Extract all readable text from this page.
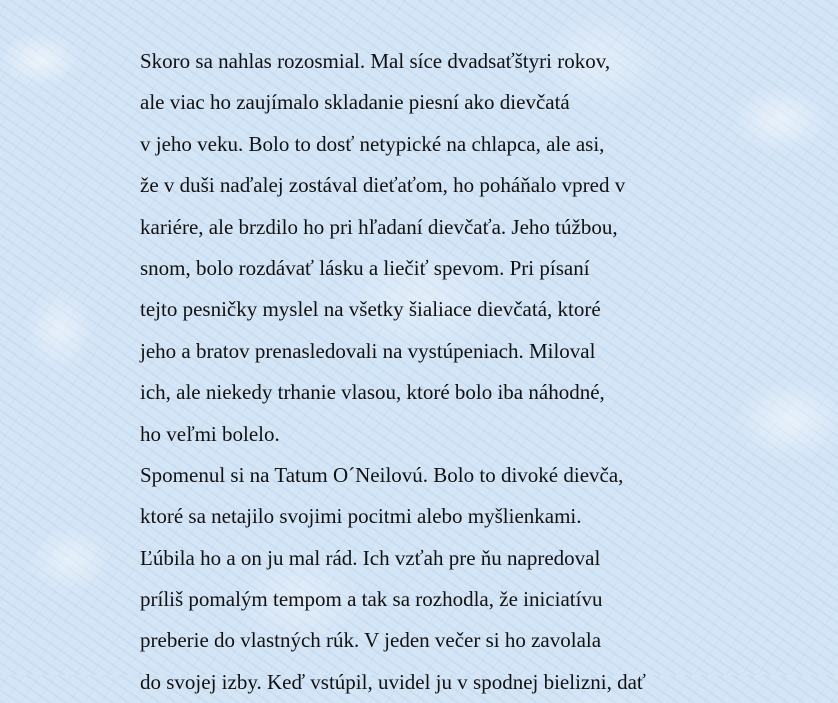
Skoro sa nahlas rozosmial. Mal síce dvadsaťštyri rokov,
ale viac ho zaujímalo skladanie piesní ako dievčatá
v jeho veku. Bolo to dosť netypické na chlapca, ale asi,
že v duši naďalej zostával dieťaťom, ho poháňalo vpred v
kariére, ale brzdilo ho pri hľadaní dievčaťa. Jeho túžbou,
snom, bolo rozdávať lásku a liečiť spevom. Pri písaní
tejto pesničky myslel na všetky šialiace dievčatá, ktoré
jeho a bratov prenasledovali na vystúpeniach. Miloval
ich, ale niekedy trhanie vlasou, ktoré bolo iba náhodné,
ho veľmi bolelo.
Spomenul si na Tatum O´Neilovú. Bolo to divoké dievča,
ktoré sa netajilo svojimi pocitmi alebo myšlienkami.
Ľúbila ho a on ju mal rád. Ich vzťah pre ňu napredoval
príliš pomalým tempom a tak sa rozhodla, že iniciatívu
preberie do vlastných rúk. V jeden večer si ho zavolala
do svojej izby. Keď vstúpil, uvidel ju v spodnej bielizni, dať
